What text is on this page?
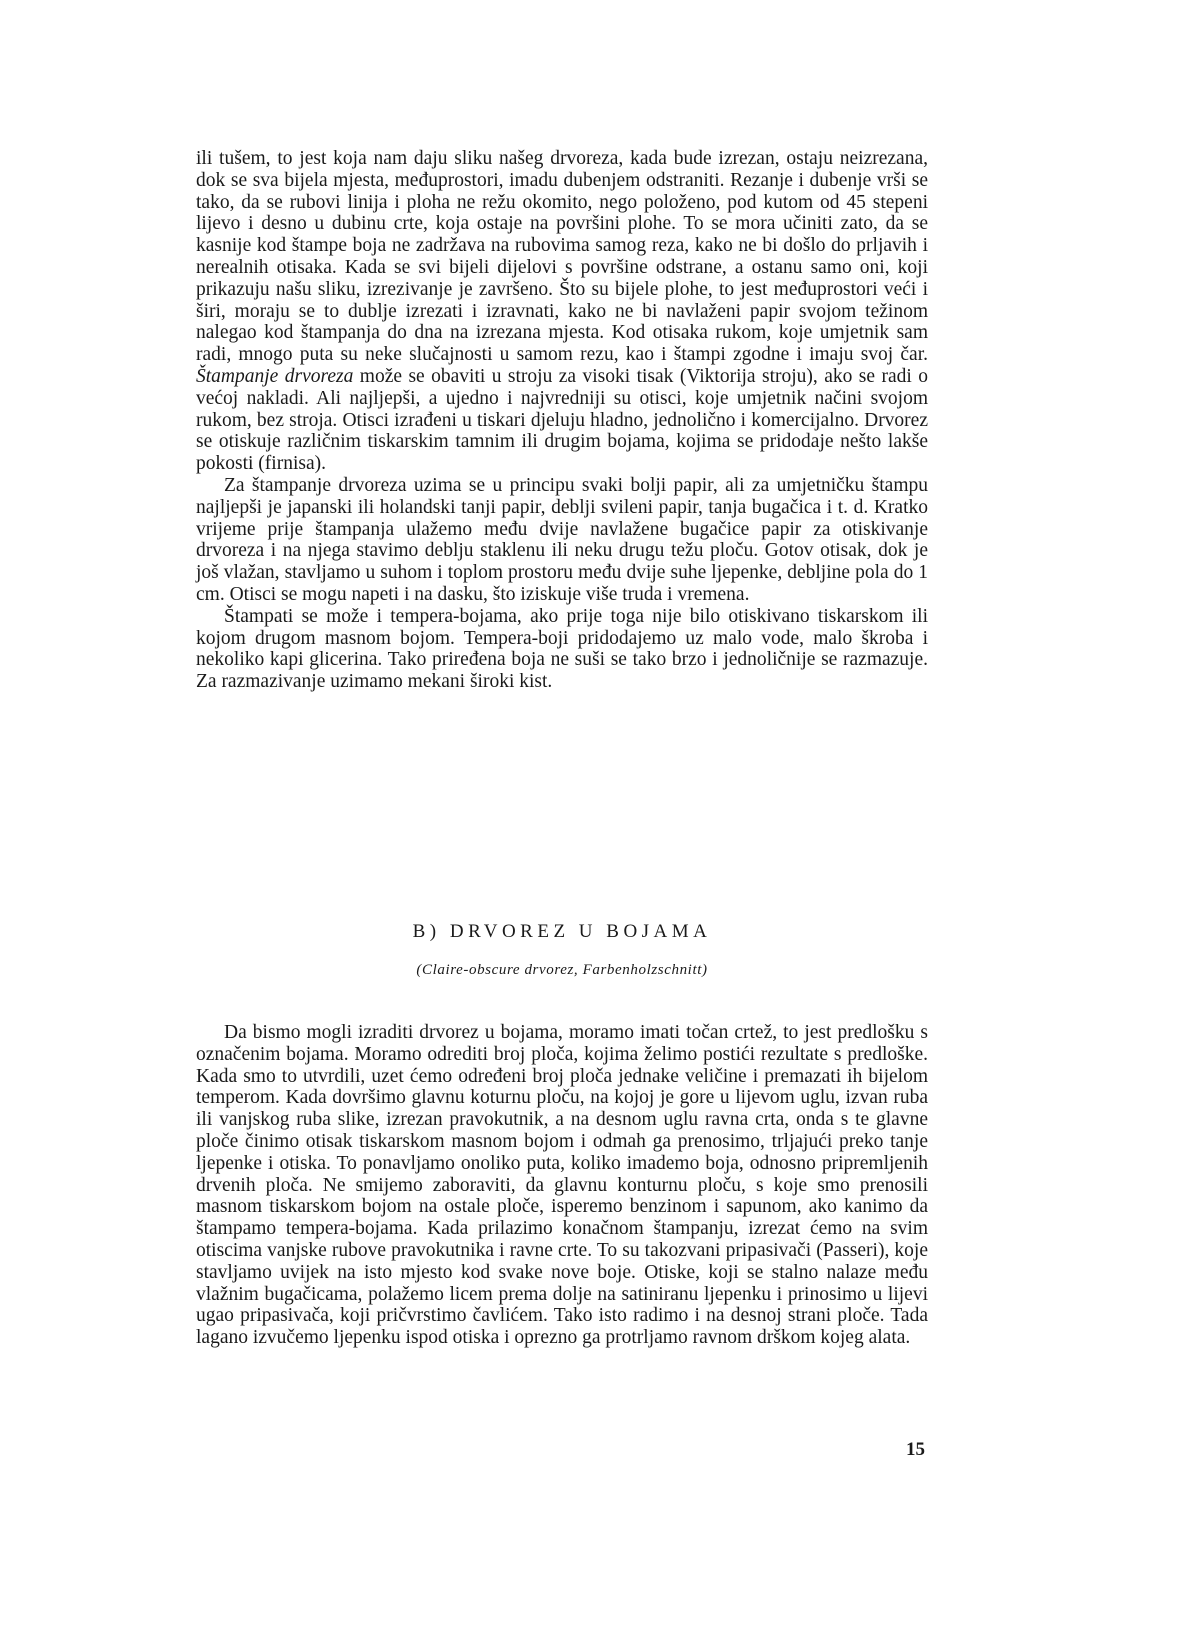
ili tušem, to jest koja nam daju sliku našeg drvoreza, kada bude izrezan, ostaju neizrezana, dok se sva bijela mjesta, međuprostori, imadu dubenjem odstraniti. Rezanje i dubenje vrši se tako, da se rubovi linija i ploha ne režu okomito, nego položeno, pod kutom od 45 stepeni lijevo i desno u dubinu crte, koja ostaje na površini plohe. To se mora učiniti zato, da se kasnije kod štampe boja ne zadržava na rubovima samog reza, kako ne bi došlo do prljavih i nerealnih otisaka. Kada se svi bijeli dijelovi s površine odstrane, a ostanu samo oni, koji prikazuju našu sliku, izrezivanje je završeno. Što su bijele plohe, to jest međuprostori veći i širi, moraju se to dublje izrezati i izravnati, kako ne bi navlaženi papir svojom težinom nalegao kod štampanja do dna na izrezana mjesta. Kod otisaka rukom, koje umjetnik sam radi, mnogo puta su neke slučajnosti u samom rezu, kao i štampi zgodne i imaju svoj čar. Štampanje drvoreza može se obaviti u stroju za visoki tisak (Viktorija stroju), ako se radi o većoj nakladi. Ali najljepši, a ujedno i najvredniji su otisci, koje umjetnik načini svojom rukom, bez stroja. Otisci izrađeni u tiskari djeluju hladno, jednolično i komercijalno. Drvorez se otiskuje različnim tiskarskim tamnim ili drugim bojama, kojima se pridodaje nešto lakše pokosti (firnisa).

Za štampanje drvoreza uzima se u principu svaki bolji papir, ali za umjetničku štampu najljepši je japanski ili holandski tanji papir, deblji svileni papir, tanja bugačica i t. d. Kratko vrijeme prije štampanja ulažemo među dvije navlažene bugačice papir za otiskivanje drvoreza i na njega stavimo deblju staklenu ili neku drugu težu ploču. Gotov otisak, dok je još vlažan, stavljamo u suhom i toplom prostoru među dvije suhe ljepenke, debljine pola do 1 cm. Otisci se mogu napeti i na dasku, što iziskuje više truda i vremena.

Štampati se može i tempera-bojama, ako prije toga nije bilo otiskivano tiskarskom ili kojom drugom masnom bojom. Tempera-boji pridodajemo uz malo vode, malo škroba i nekoliko kapi glicerina. Tako priređena boja ne suši se tako brzo i jednoličnije se razmazuje. Za razmazivanje uzimamo mekani široki kist.

B) DRVOREZ U BOJAMA

(Claire-obscure drvorez, Farbenholzschnitt)

Da bismo mogli izraditi drvorez u bojama, moramo imati točan crtež, to jest predlošku s označenim bojama. Moramo odrediti broj ploča, kojima želimo postići rezultate s predloške. Kada smo to utvrdili, uzet ćemo određeni broj ploča jednake veličine i premazati ih bijelom temperom. Kada dovršimo glavnu koturnu ploču, na kojoj je gore u lijevom uglu, izvan ruba ili vanjskog ruba slike, izrezan pravokutnik, a na desnom uglu ravna crta, onda s te glavne ploče činimo otisak tiskarskom masnom bojom i odmah ga prenosimo, trljajući preko tanje ljepenke i otiska. To ponavljamo onoliko puta, koliko imademo boja, odnosno pripremljenih drvenih ploča. Ne smijemo zaboraviti, da glavnu konturnu ploču, s koje smo prenosili masnom tiskarskom bojom na ostale ploče, isperemo benzinom i sapunom, ako kanimo da štampamo tempera-bojama. Kada prilazimo konačnom štampanju, izrezat ćemo na svim otiscima vanjske rubove pravokutnika i ravne crte. To su takozvani pripasivači (Passeri), koje stavljamo uvijek na isto mjesto kod svake nove boje. Otiske, koji se stalno nalaze među vlažnim bugačicama, polažemo licem prema dolje na satiniranu ljepenku i prinosimo u lijevi ugao pripasivača, koji pričvrstimo čavlićem. Tako isto radimo i na desnoj strani ploče. Tada lagano izvučemo ljepenku ispod otiska i oprezno ga protrljamo ravnom drškom kojeg alata.

15
